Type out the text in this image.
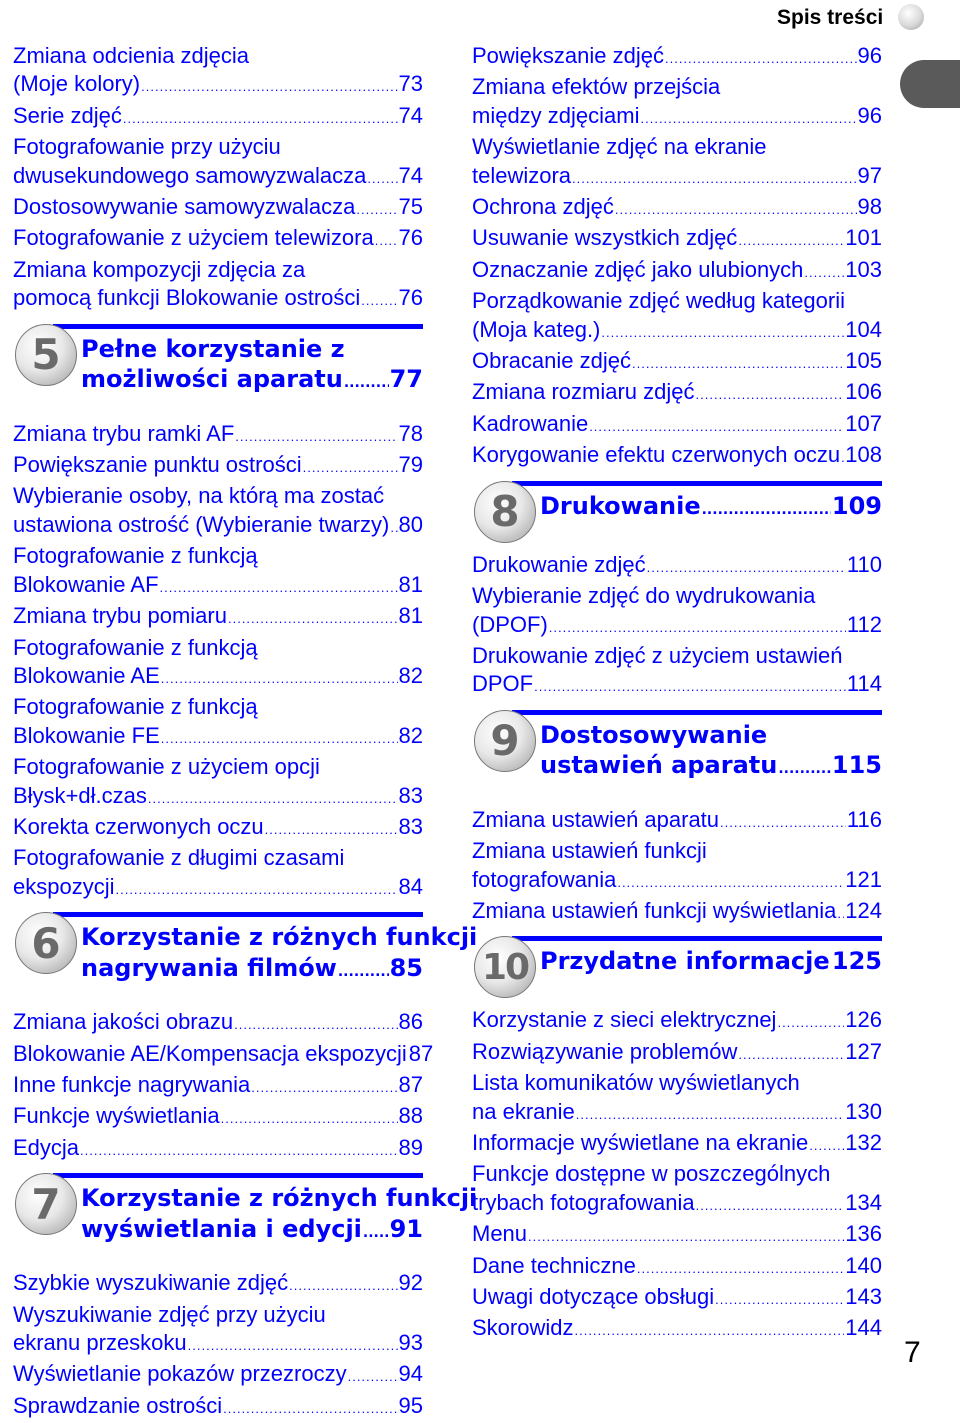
Spis treści
Zmiana odcienia zdjęcia
(Moje kolory) .....	73
Serie zdjęć .....	74
Fotografowanie przy użyciu
dwusekundowego samowyzwalacza ..... 74
Dostosowywanie samowyzwalacza ..... 75
Fotografowanie z użyciem telewizora ..... 76
Zmiana kompozycji zdjęcia za
pomocą funkcji Blokowanie ostrości ..... 76
5 Pełne korzystanie z
możliwości aparatu ..... 77
Zmiana trybu ramki AF .....	78
Powiększanie punktu ostrości .....	79
Wybieranie osoby, na którą ma zostać
ustawiona ostrość (Wybieranie twarzy) ..... 80
Fotografowanie z funkcją
Blokowanie AF .....	81
Zmiana trybu pomiaru .....	81
Fotografowanie z funkcją
Blokowanie AE .....	82
Fotografowanie z funkcją
Blokowanie FE .....	82
Fotografowanie z użyciem opcji
Błysk+dł.czas .....	83
Korekta czerwonych oczu .....	83
Fotografowanie z długimi czasami
ekspozycji .....	84
6 Korzystanie z różnych funkcji
nagrywania filmów ..... 85
Zmiana jakości obrazu .....	86
Blokowanie AE/Kompensacja ekspozycji 87
Inne funkcje nagrywania .....	87
Funkcje wyświetlania .....	88
Edycja .....	89
7 Korzystanie z różnych funkcji
wyświetlania i edycji ..... 91
Szybkie wyszukiwanie zdjęć .....	92
Wyszukiwanie zdjęć przy użyciu
ekranu przeskoku .....	93
Wyświetlanie pokazów przezroczy ..... 94
Sprawdzanie ostrości .....	95
Powiększanie zdjęć .....	96
Zmiana efektów przejścia
między zdjęciami .....	96
Wyświetlanie zdjęć na ekranie
telewizora .....	97
Ochrona zdjęć .....	98
Usuwanie wszystkich zdjęć .....	101
Oznaczanie zdjęć jako ulubionych ..... 103
Porządkowanie zdjęć według kategorii
(Moja kateg.) .....	104
Obracanie zdjęć .....	105
Zmiana rozmiaru zdjęć .....	106
Kadrowanie .....	107
Korygowanie efektu czerwonych oczu ..... 108
8 Drukowanie .....	109
Drukowanie zdjęć .....	110
Wybieranie zdjęć do wydrukowania
(DPOF) .....	112
Drukowanie zdjęć z użyciem ustawień
DPOF .....	114
9 Dostosowywanie
ustawień aparatu ..... 115
Zmiana ustawień aparatu .....	116
Zmiana ustawień funkcji
fotografowania .....	121
Zmiana ustawień funkcji wyświetlania ..... 124
10 Przydatne informacje ..... 125
Korzystanie z sieci elektrycznej .....	126
Rozwiązywanie problemów .....	127
Lista komunikatów wyświetlanych
na ekranie .....	130
Informacje wyświetlane na ekranie ..... 132
Funkcje dostępne w poszczególnych
trybach fotografowania .....	134
Menu .....	136
Dane techniczne .....	140
Uwagi dotyczące obsługi .....	143
Skorowidz .....	144
7
